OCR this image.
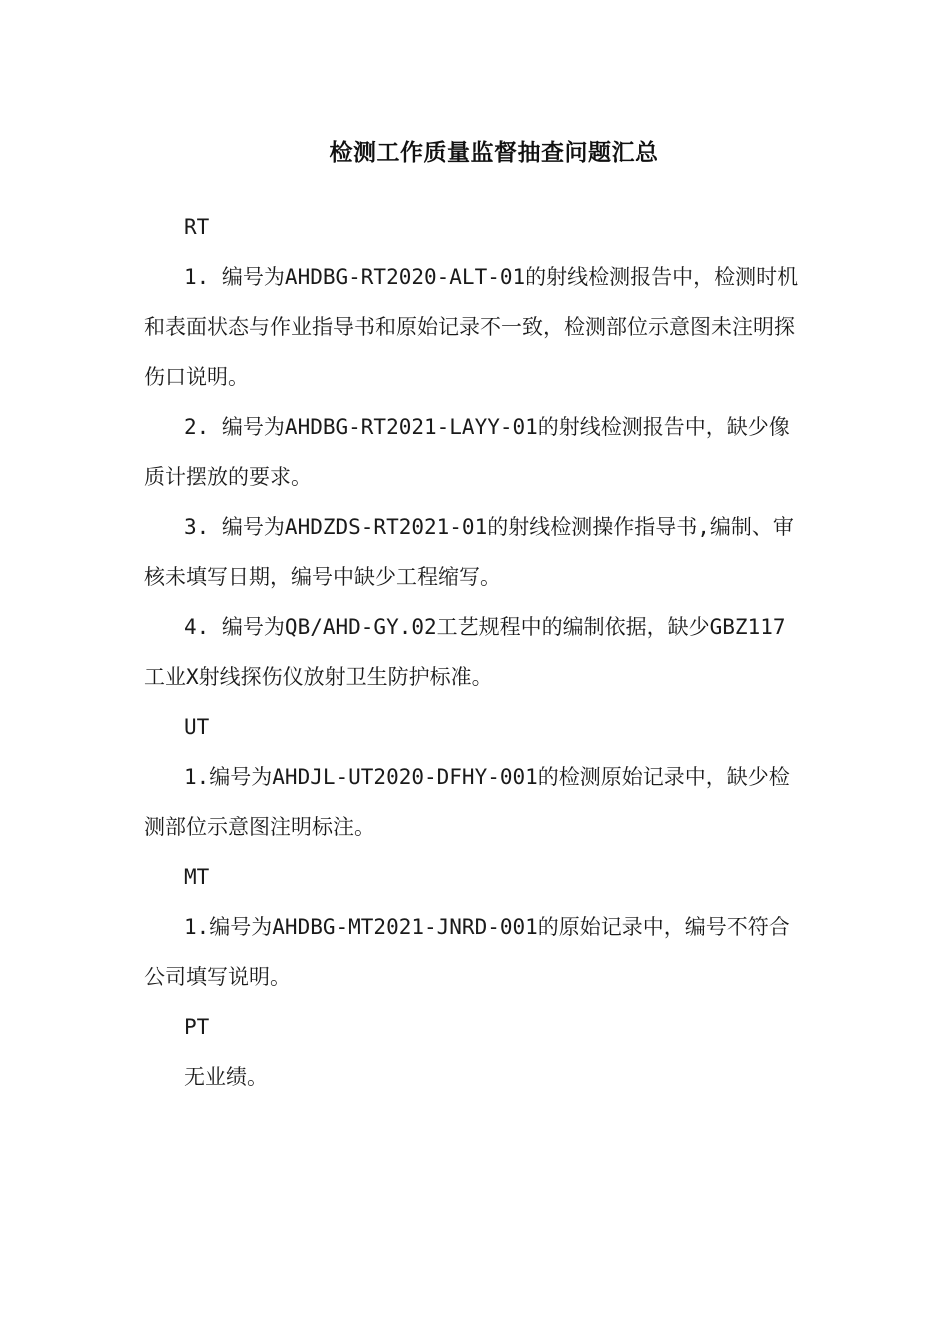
检测工作质量监督抽查问题汇总

RT

1. 编号为AHDBG-RT2020-ALT-01的射线检测报告中，检测时机和表面状态与作业指导书和原始记录不一致，检测部位示意图未注明探伤口说明。

2. 编号为AHDBG-RT2021-LAYY-01的射线检测报告中，缺少像质计摆放的要求。

3. 编号为AHDZDS-RT2021-01的射线检测操作指导书,编制、审核未填写日期，编号中缺少工程缩写。

4. 编号为QB/AHD-GY.02工艺规程中的编制依据，缺少GBZ117 工业X射线探伤仪放射卫生防护标准。

UT

1.编号为AHDJL-UT2020-DFHY-001的检测原始记录中，缺少检测部位示意图注明标注。

MT

1.编号为AHDBG-MT2021-JNRD-001的原始记录中，编号不符合公司填写说明。

PT

无业绩。
